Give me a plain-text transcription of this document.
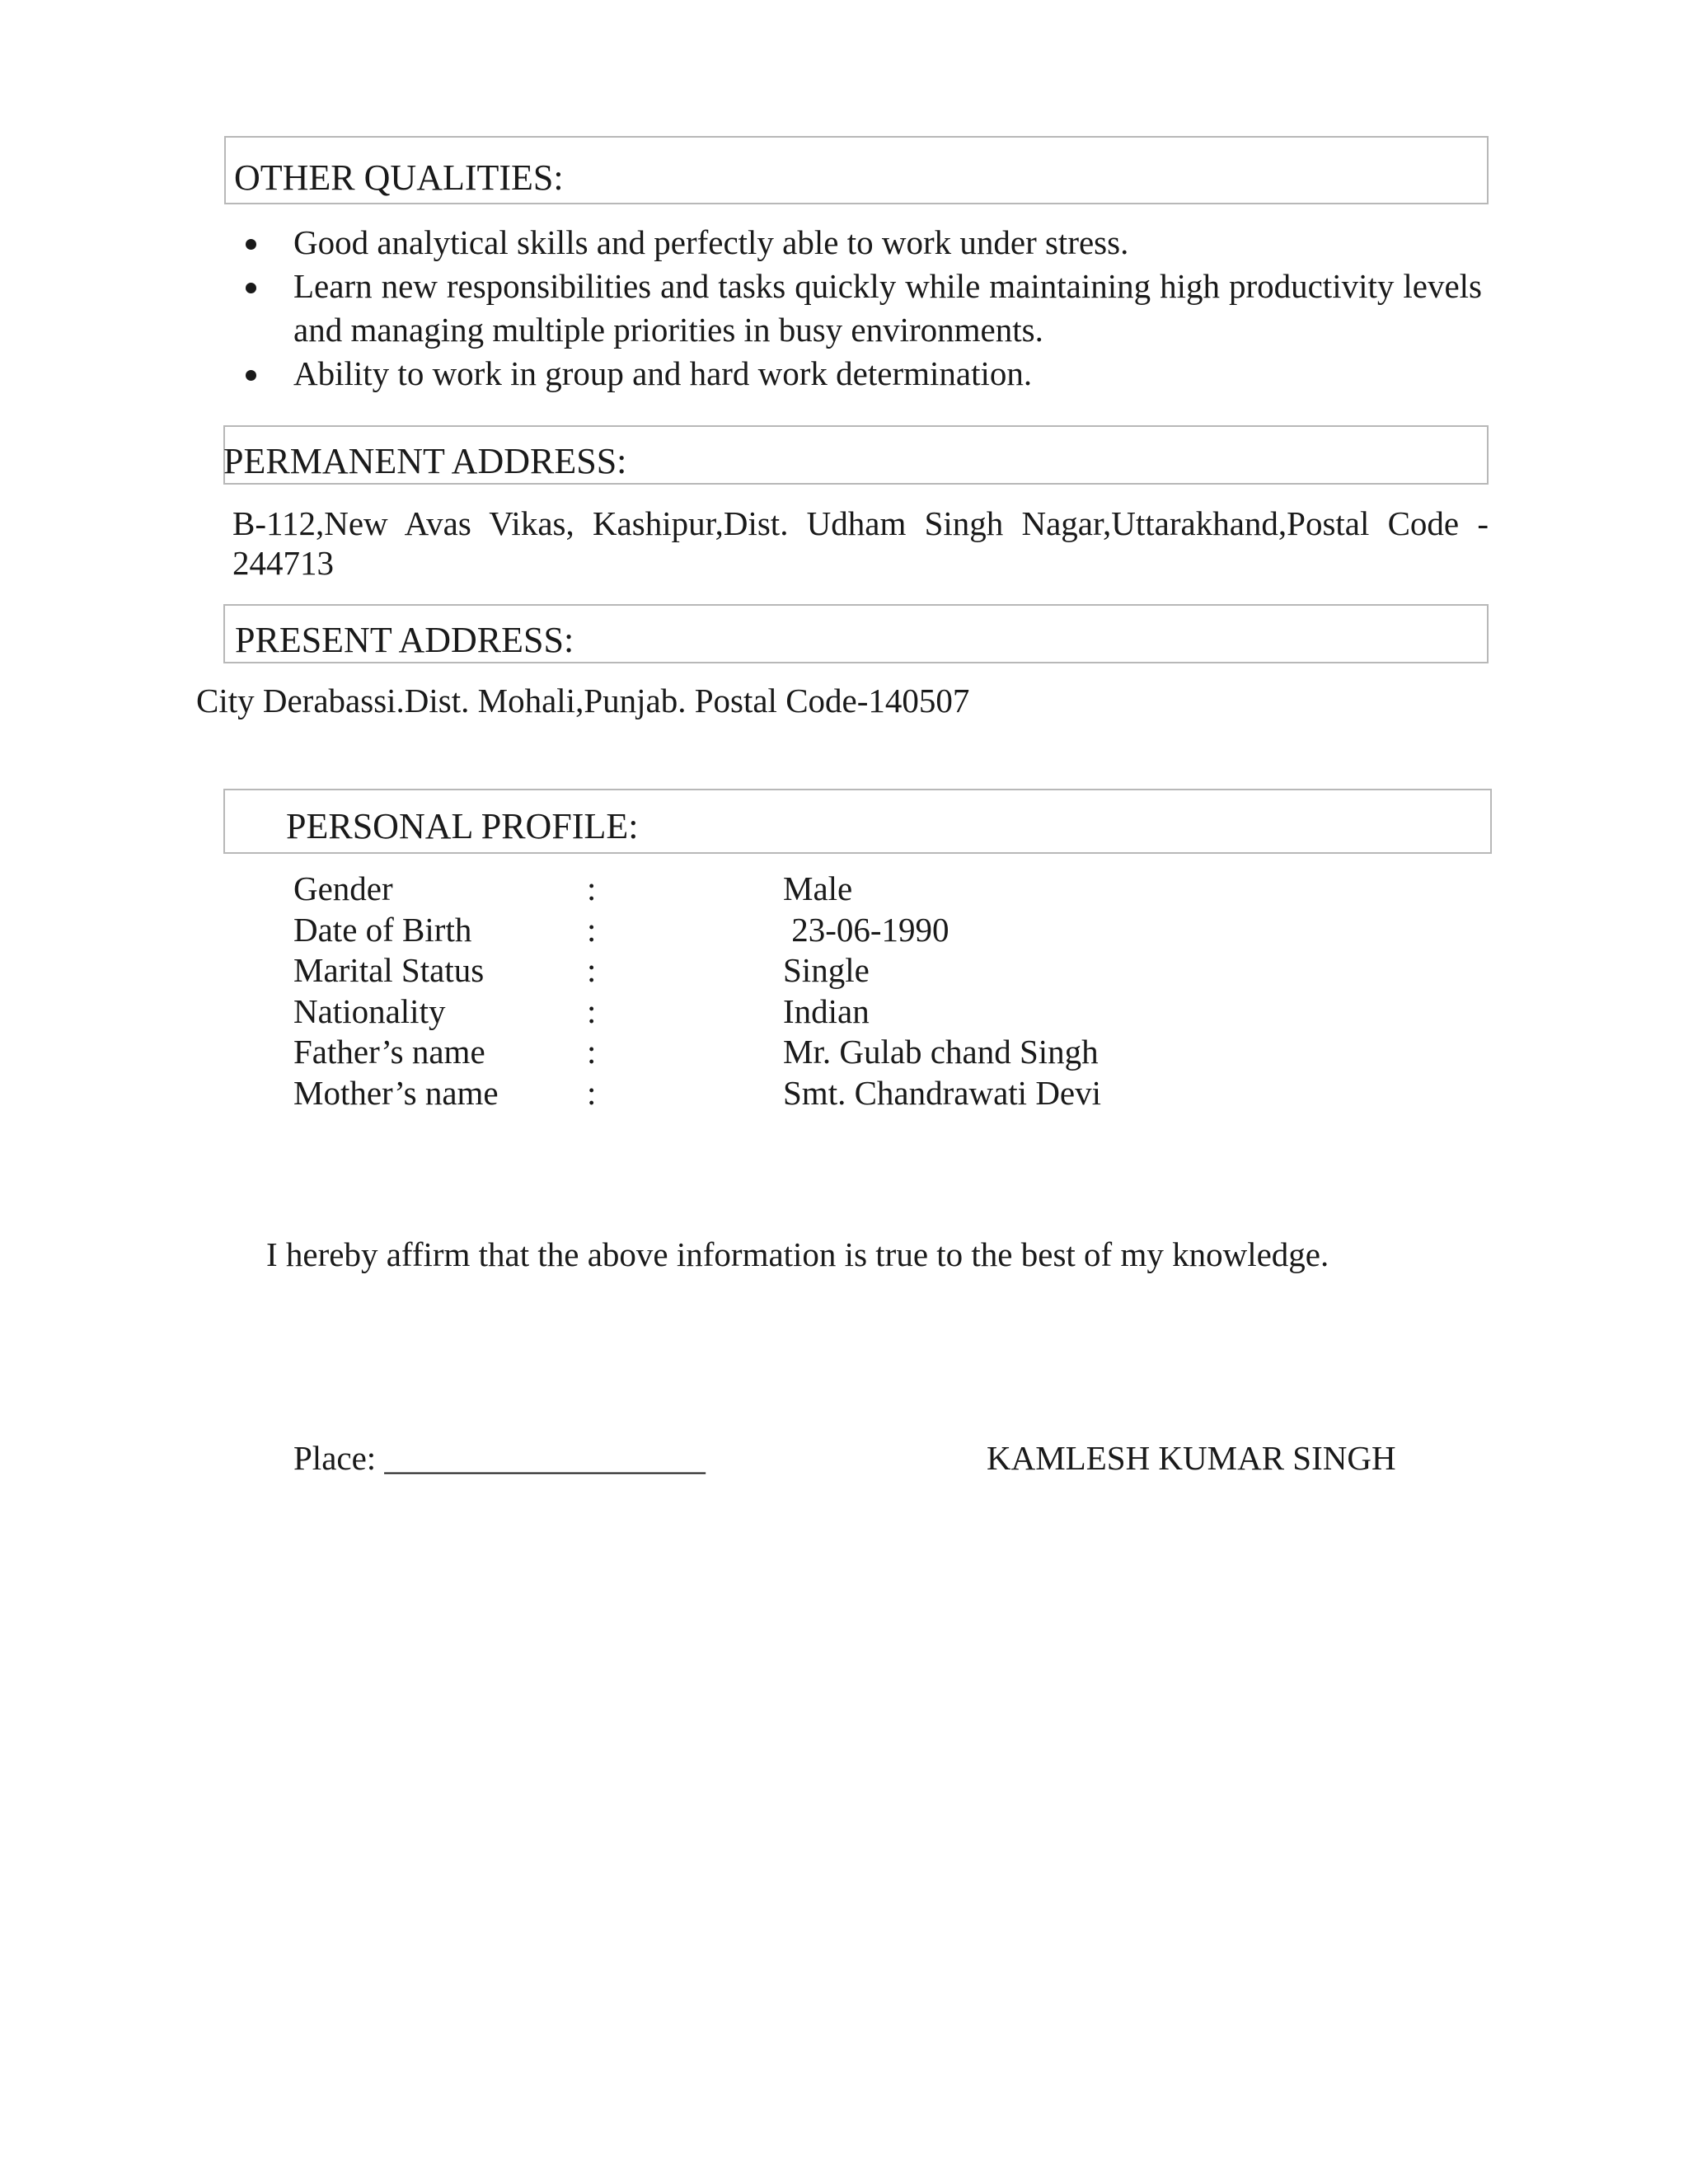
OTHER QUALITIES:
Good analytical skills and perfectly able to work under stress.
Learn new responsibilities and tasks quickly while maintaining high productivity levels and managing multiple priorities in busy environments.
Ability to work in group and hard work determination.
PERMANENT ADDRESS:
B-112,New Avas Vikas, Kashipur,Dist. Udham Singh Nagar,Uttarakhand,Postal Code - 244713
PRESENT ADDRESS:
City Derabassi.Dist. Mohali,Punjab. Postal Code-140507
PERSONAL PROFILE:
Gender	:	Male
Date of Birth	:	23-06-1990
Marital Status	:	Single
Nationality	:	Indian
Father’s name	:	Mr. Gulab chand Singh
Mother’s name	:	Smt. Chandrawati Devi
I hereby affirm that the above information is true to the best of my knowledge.
Place: ___________________	KAMLESH KUMAR SINGH
